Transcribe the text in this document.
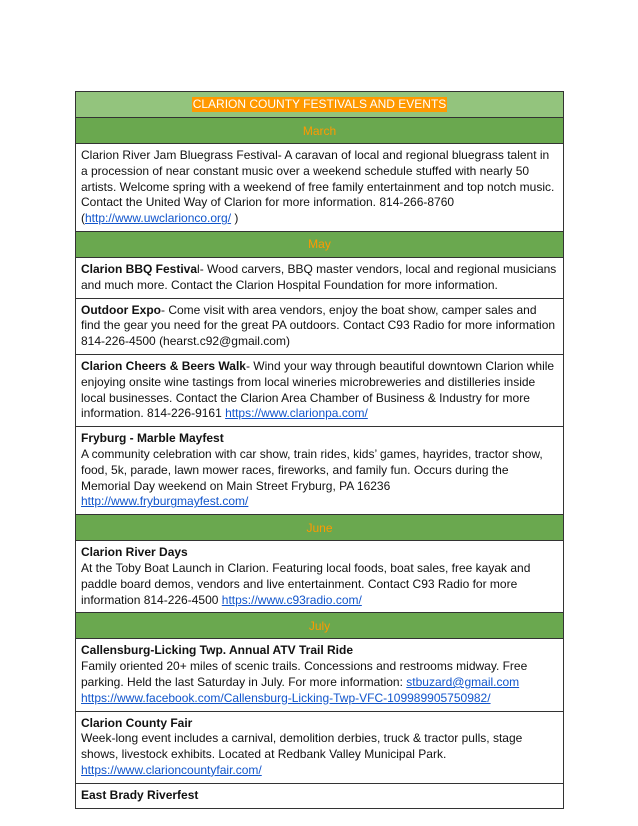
CLARION COUNTY FESTIVALS AND EVENTS
March
Clarion River Jam Bluegrass Festival- A caravan of local and regional bluegrass talent in a procession of near constant music over a weekend schedule stuffed with nearly 50 artists. Welcome spring with a weekend of free family entertainment and top notch music. Contact the United Way of Clarion for more information. 814-266-8760 (http://www.uwclarionco.org/ )
May
Clarion BBQ Festival- Wood carvers, BBQ master vendors, local and regional musicians and much more. Contact the Clarion Hospital Foundation for more information.
Outdoor Expo- Come visit with area vendors, enjoy the boat show, camper sales and find the gear you need for the great PA outdoors. Contact C93 Radio for more information 814-226-4500 (hearst.c92@gmail.com)
Clarion Cheers & Beers Walk- Wind your way through beautiful downtown Clarion while enjoying onsite wine tastings from local wineries microbreweries and distilleries inside local businesses. Contact the Clarion Area Chamber of Business & Industry for more information. 814-226-9161 https://www.clarionpa.com/
Fryburg - Marble Mayfest
A community celebration with car show, train rides, kids’ games, hayrides, tractor show, food, 5k, parade, lawn mower races, fireworks, and family fun. Occurs during the Memorial Day weekend on Main Street Fryburg, PA 16236 http://www.fryburgmayfest.com/
June
Clarion River Days
At the Toby Boat Launch in Clarion. Featuring local foods, boat sales, free kayak and paddle board demos, vendors and live entertainment. Contact C93 Radio for more information 814-226-4500 https://www.c93radio.com/
July
Callensburg-Licking Twp. Annual ATV Trail Ride
Family oriented 20+ miles of scenic trails. Concessions and restrooms midway. Free parking. Held the last Saturday in July. For more information: stbuzard@gmail.com
https://www.facebook.com/Callensburg-Licking-Twp-VFC-109989905750982/
Clarion County Fair
Week-long event includes a carnival, demolition derbies, truck & tractor pulls, stage shows, livestock exhibits. Located at Redbank Valley Municipal Park.
https://www.clarioncountyfair.com/
East Brady Riverfest
